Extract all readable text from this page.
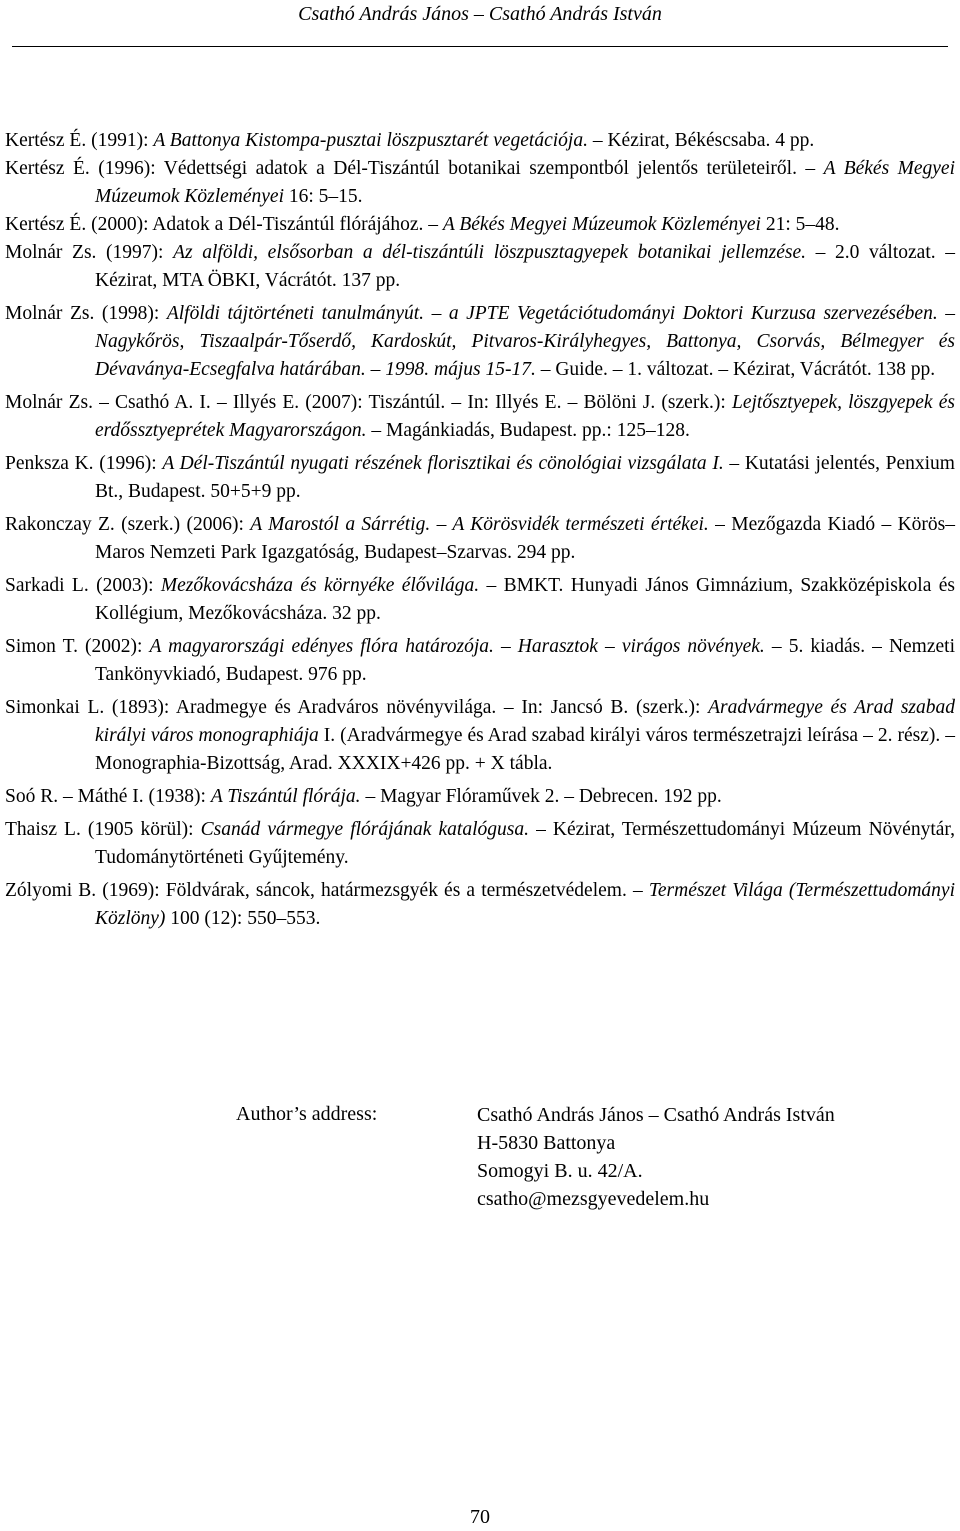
Csathó András János – Csathó András István
Kertész É. (1991): A Battonya Kistompa-pusztai löszpusztarét vegetációja. – Kézirat, Békéscsaba. 4 pp.
Kertész É. (1996): Védettségi adatok a Dél-Tiszántúl botanikai szempontból jelentős területeiről. – A Békés Megyei Múzeumok Közleményei 16: 5–15.
Kertész É. (2000): Adatok a Dél-Tiszántúl flórájához. – A Békés Megyei Múzeumok Közleményei 21: 5–48.
Molnár Zs. (1997): Az alföldi, elsősorban a dél-tiszántúli löszpusztagyepek botanikai jellemzése. – 2.0 változat. – Kézirat, MTA ÖBKI, Vácrátót. 137 pp.
Molnár Zs. (1998): Alföldi tájtörténeti tanulmányút. – a JPTE Vegetációtudományi Doktori Kurzusa szervezésében. – Nagykőrös, Tiszaalpár-Tőserdő, Kardoskút, Pitvaros-Királyhegyes, Battonya, Csorvás, Bélmegyer és Dévaványa-Ecsegfalva határában. – 1998. május 15-17. – Guide. – 1. változat. – Kézirat, Vácrátót. 138 pp.
Molnár Zs. – Csathó A. I. – Illyés E. (2007): Tiszántúl. – In: Illyés E. – Bölöni J. (szerk.): Lejtősztyepek, löszgyepek és erdőssztyeprétek Magyarországon. – Magánkiadás, Budapest. pp.: 125–128.
Penksza K. (1996): A Dél-Tiszántúl nyugati részének florisztikai és cönológiai vizsgálata I. – Kutatási jelentés, Penxium Bt., Budapest. 50+5+9 pp.
Rakonczay Z. (szerk.) (2006): A Marostól a Sárrétig. – A Körösvidék természeti értékei. – Mezőgazda Kiadó – Körös–Maros Nemzeti Park Igazgatóság, Budapest–Szarvas. 294 pp.
Sarkadi L. (2003): Mezőkovácsháza és környéke élővilága. – BMKT. Hunyadi János Gimnázium, Szakközépiskola és Kollégium, Mezőkovácsháza. 32 pp.
Simon T. (2002): A magyarországi edényes flóra határozója. – Harasztok – virágos növények. – 5. kiadás. – Nemzeti Tankönyvkiadó, Budapest. 976 pp.
Simonkai L. (1893): Aradmegye és Aradváros növényvilága. – In: Jancsó B. (szerk.): Aradvármegye és Arad szabad királyi város monographiája I. (Aradvármegye és Arad szabad királyi város természetrajzi leírása – 2. rész). – Monographia-Bizottság, Arad. XXXIX+426 pp. + X tábla.
Soó R. – Máthé I. (1938): A Tiszántúl flórája. – Magyar Flóraművek 2. – Debrecen. 192 pp.
Thaisz L. (1905 körül): Csanád vármegye flórájának katalógusa. – Kézirat, Természettudományi Múzeum Növénytár, Tudománytörténeti Gyűjtemény.
Zólyomi B. (1969): Földvárak, sáncok, határmezsgyék és a természetvédelem. – Természet Világa (Természettudományi Közlöny) 100 (12): 550–553.
Author’s address:	Csathó András János – Csathó András István
H-5830 Battonya
Somogyi B. u. 42/A.
csatho@mezsgyevedelem.hu
70
